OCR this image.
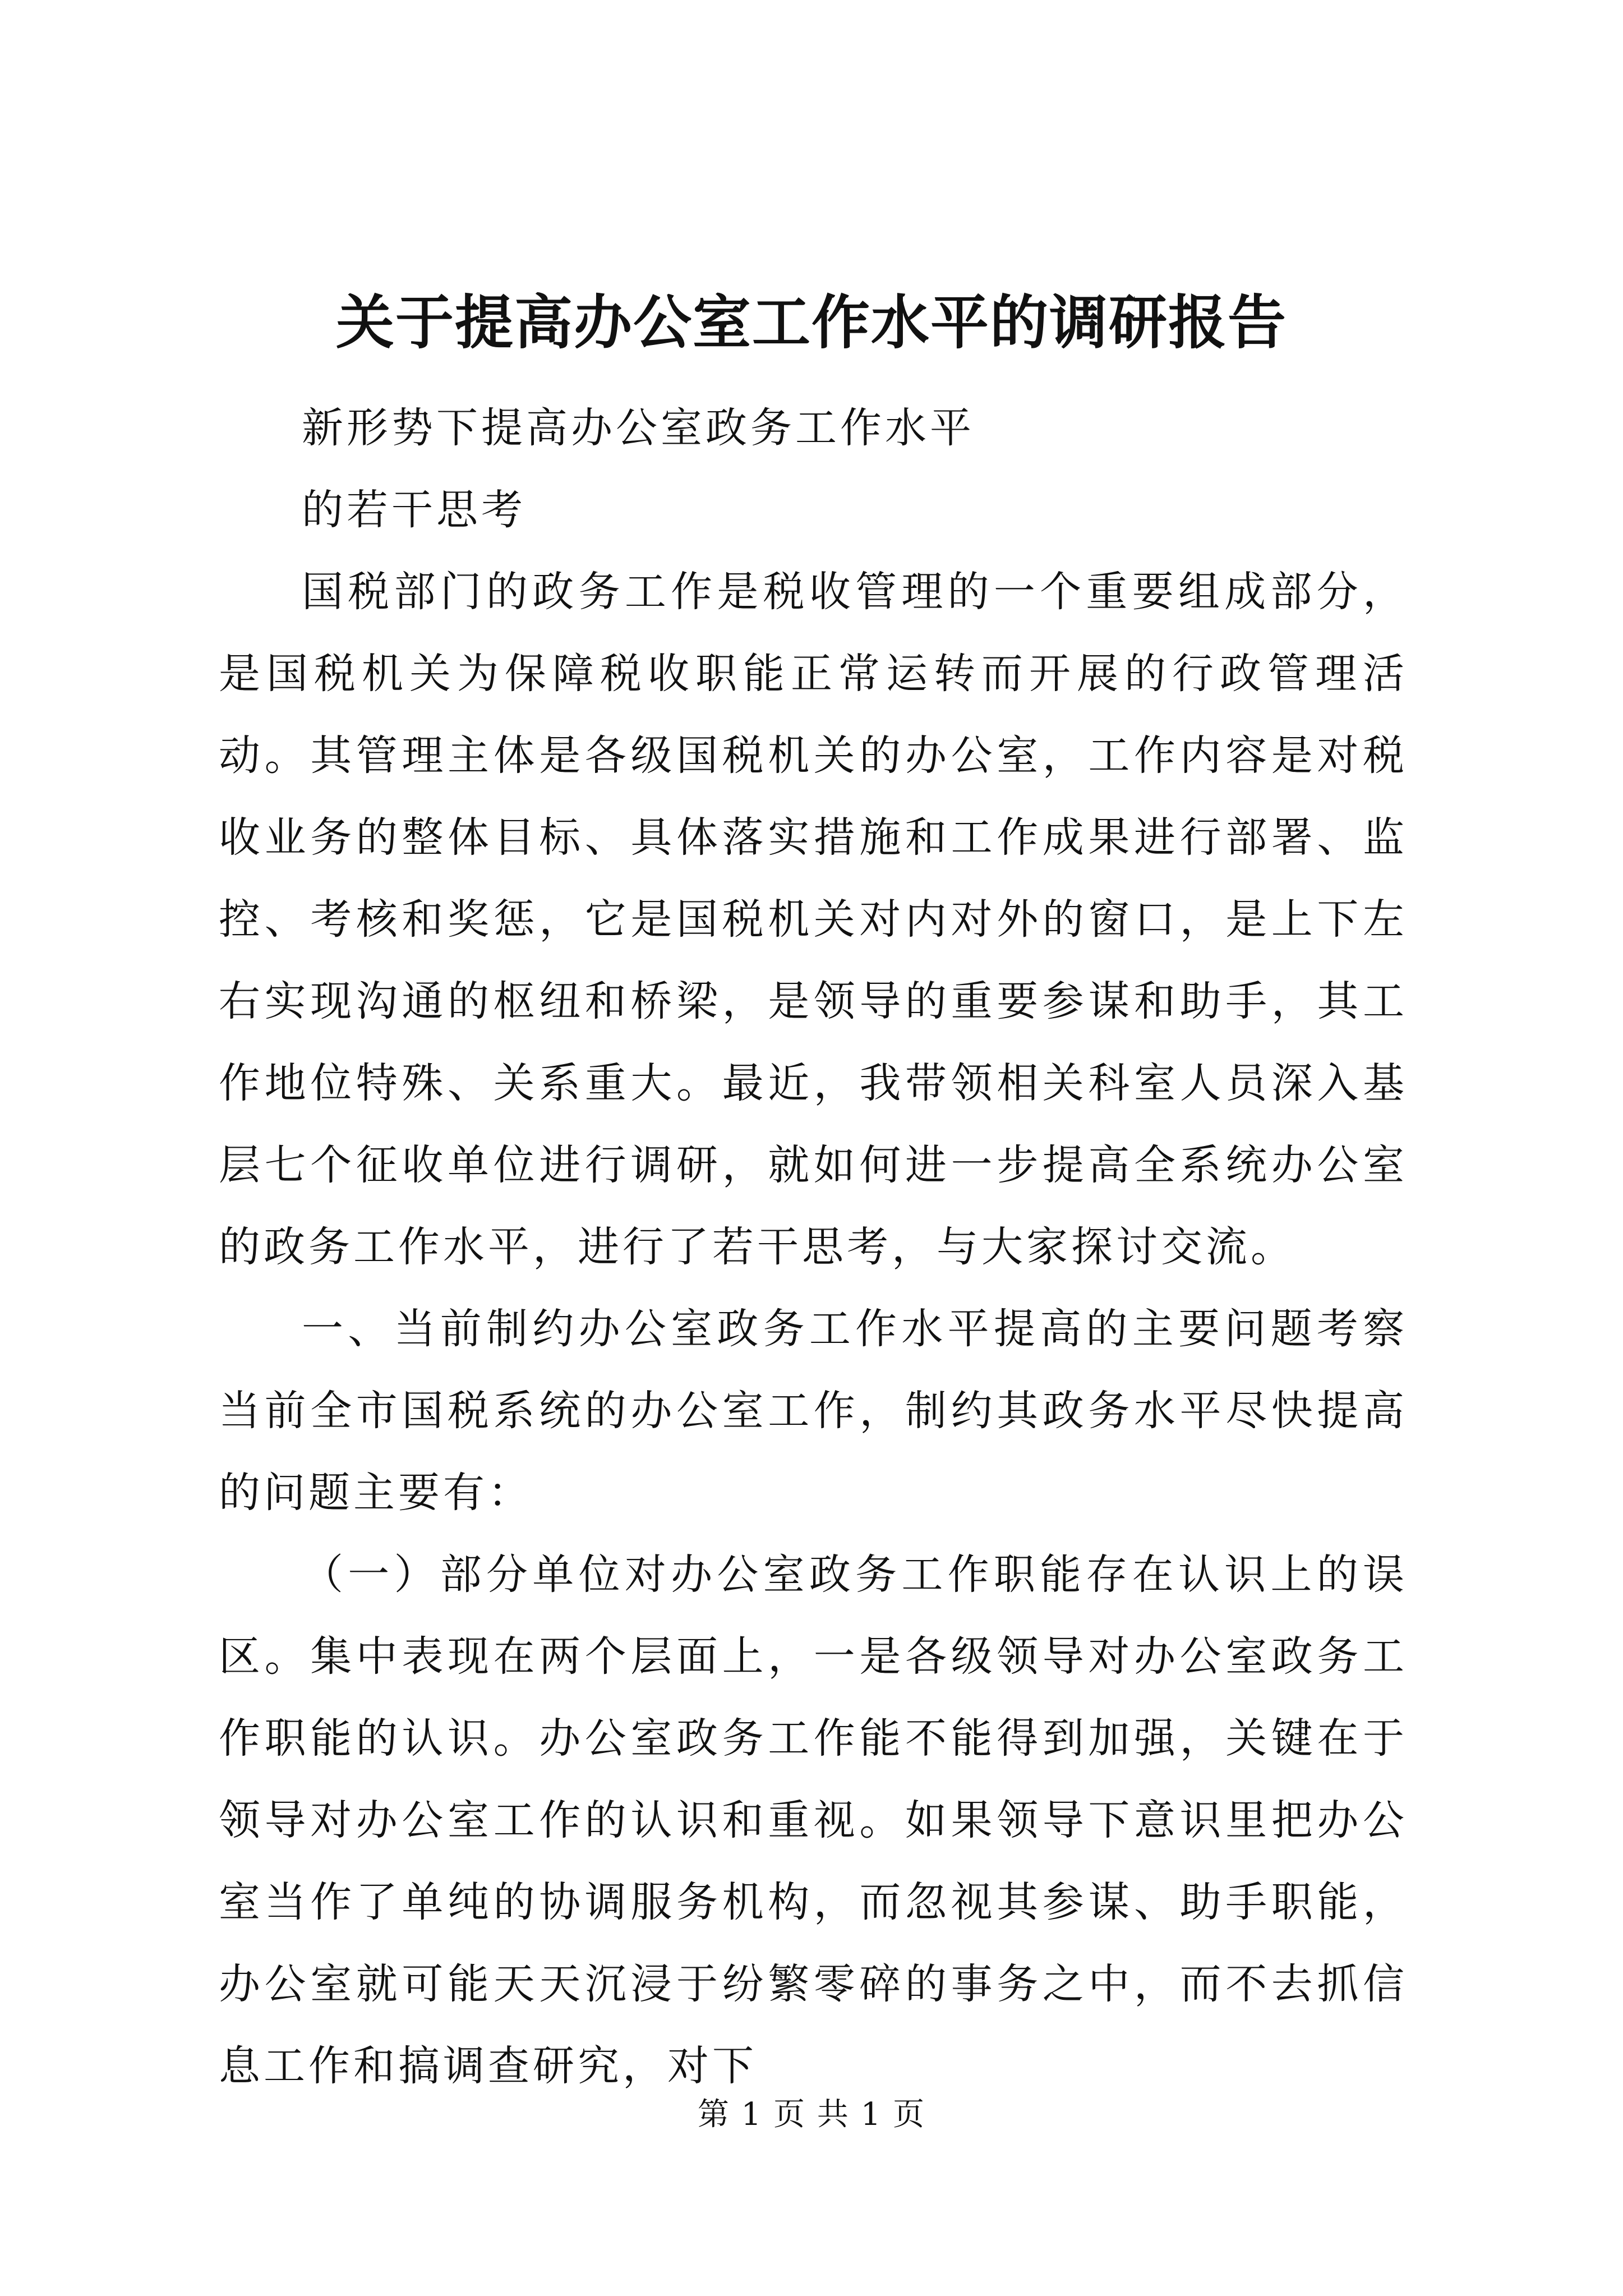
关于提高办公室工作水平的调研报告

新形势下提高办公室政务工作水平

的若干思考

国税部门的政务工作是税收管理的一个重要组成部分，是国税机关为保障税收职能正常运转而开展的行政管理活动。其管理主体是各级国税机关的办公室，工作内容是对税收业务的整体目标、具体落实措施和工作成果进行部署、监控、考核和奖惩，它是国税机关对内对外的窗口，是上下左右实现沟通的枢纽和桥梁，是领导的重要参谋和助手，其工作地位特殊、关系重大。最近，我带领相关科室人员深入基层七个征收单位进行调研，就如何进一步提高全系统办公室的政务工作水平，进行了若干思考，与大家探讨交流。

一、当前制约办公室政务工作水平提高的主要问题考察当前全市国税系统的办公室工作，制约其政务水平尽快提高的问题主要有：

（一）部分单位对办公室政务工作职能存在认识上的误区。集中表现在两个层面上，一是各级领导对办公室政务工作职能的认识。办公室政务工作能不能得到加强，关键在于领导对办公室工作的认识和重视。如果领导下意识里把办公室当作了单纯的协调服务机构，而忽视其参谋、助手职能，办公室就可能天天沉浸于纷繁零碎的事务之中，而不去抓信息工作和搞调查研究，对下

第 1 页 共 1 页
